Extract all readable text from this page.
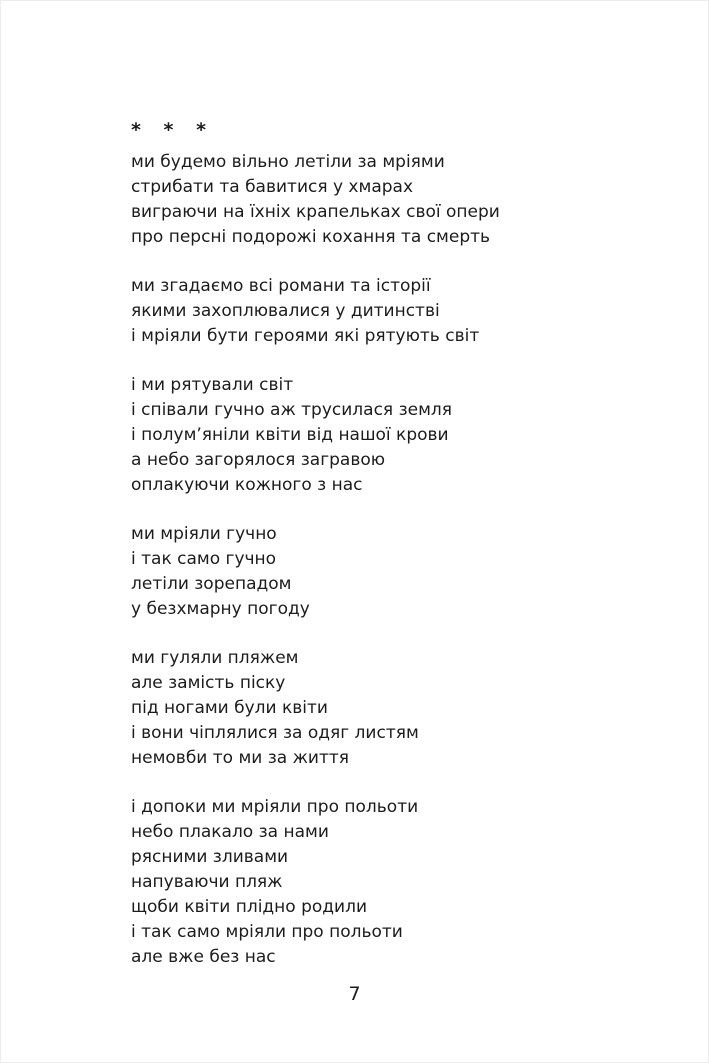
* * *
ми будемо вільно летіли за мріями
стрибати та бавитися у хмарах
виграючи на їхніх крапельках свої опери
про персні подорожі кохання та смерть
ми згадаємо всі романи та історії
якими захоплювалися у дитинстві
і мріяли бути героями які рятують світ
і ми рятували світ
і співали гучно аж трусилася земля
і полум’яніли квіти від нашої крови
а небо загорялося загравою
оплакуючи кожного з нас
ми мріяли гучно
і так само гучно
летіли зорепадом
у безхмарну погоду
ми гуляли пляжем
але замість піску
під ногами були квіти
і вони чіплялися за одяг листям
немовби то ми за життя
і допоки ми мріяли про польоти
небо плакало за нами
рясними зливами
напуваючи пляж
щоби квіти плідно родили
і так само мріяли про польоти
але вже без нас
7
